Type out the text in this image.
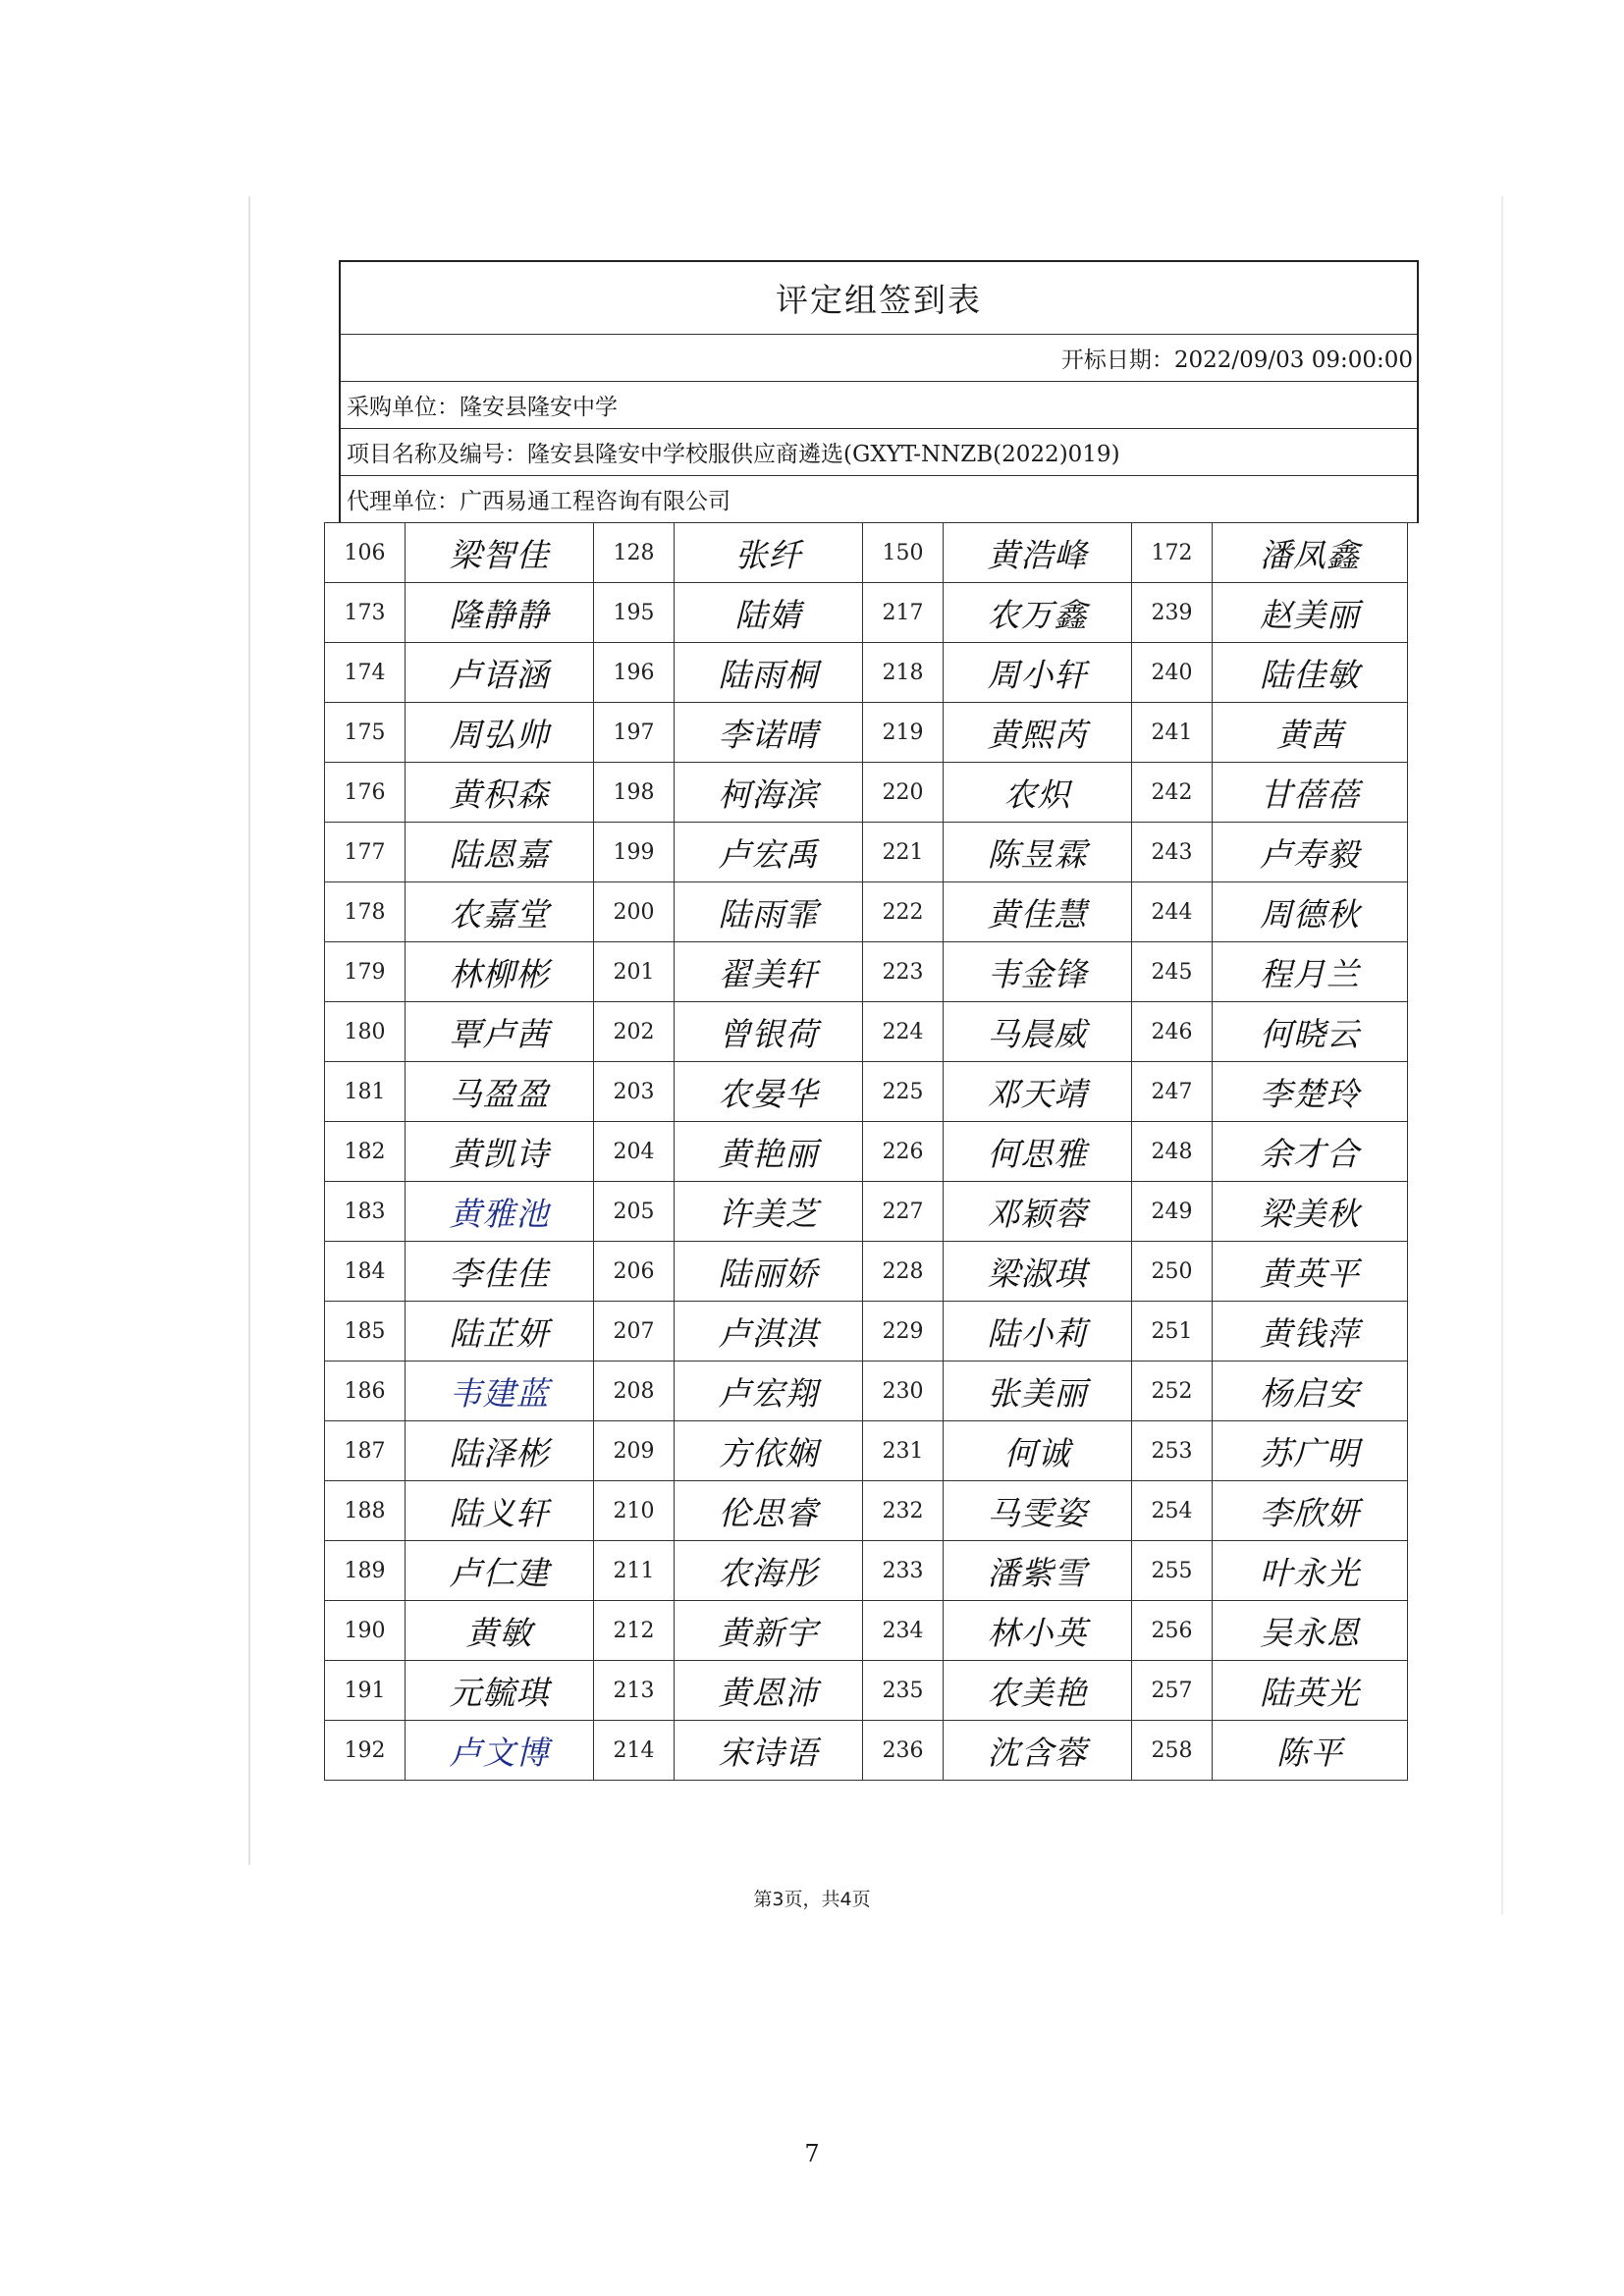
评定组签到表
开标日期：2022/09/03 09:00:00
采购单位：隆安县隆安中学
项目名称及编号：隆安县隆安中学校服供应商遴选(GXYT-NNZB(2022)019)
代理单位：广西易通工程咨询有限公司
106	梁智佳	128	张纤	150	黄浩峰	172	潘凤鑫
173	隆静静	195	陆婧	217	农万鑫	239	赵美丽
174	卢语涵	196	陆雨桐	218	周小轩	240	陆佳敏
175	周弘帅	197	李诺晴	219	黄熙芮	241	黄茜
176	黄积森	198	柯海滨	220	农炽	242	甘蓓蓓
177	陆恩嘉	199	卢宏禹	221	陈昱霖	243	卢寿毅
178	农嘉堂	200	陆雨霏	222	黄佳慧	244	周德秋
179	林柳彬	201	翟美轩	223	韦金锋	245	程月兰
180	覃卢茜	202	曾银荷	224	马晨威	246	何晓云
181	马盈盈	203	农晏华	225	邓天靖	247	李楚玲
182	黄凯诗	204	黄艳丽	226	何思雅	248	余才合
183	黄雅池	205	许美芝	227	邓颖蓉	249	梁美秋
184	李佳佳	206	陆丽娇	228	梁淑琪	250	黄英平
185	陆芷妍	207	卢淇淇	229	陆小莉	251	黄钱萍
186	韦建蓝	208	卢宏翔	230	张美丽	252	杨启安
187	陆泽彬	209	方依娴	231	何诚	253	苏广明
188	陆义轩	210	伦思睿	232	马雯姿	254	李欣妍
189	卢仁建	211	农海彤	233	潘紫雪	255	叶永光
190	黄敏	212	黄新宇	234	林小英	256	吴永恩
191	元毓琪	213	黄恩沛	235	农美艳	257	陆英光
192	卢文博	214	宋诗语	236	沈含蓉	258	陈平
第3页，共4页
7
